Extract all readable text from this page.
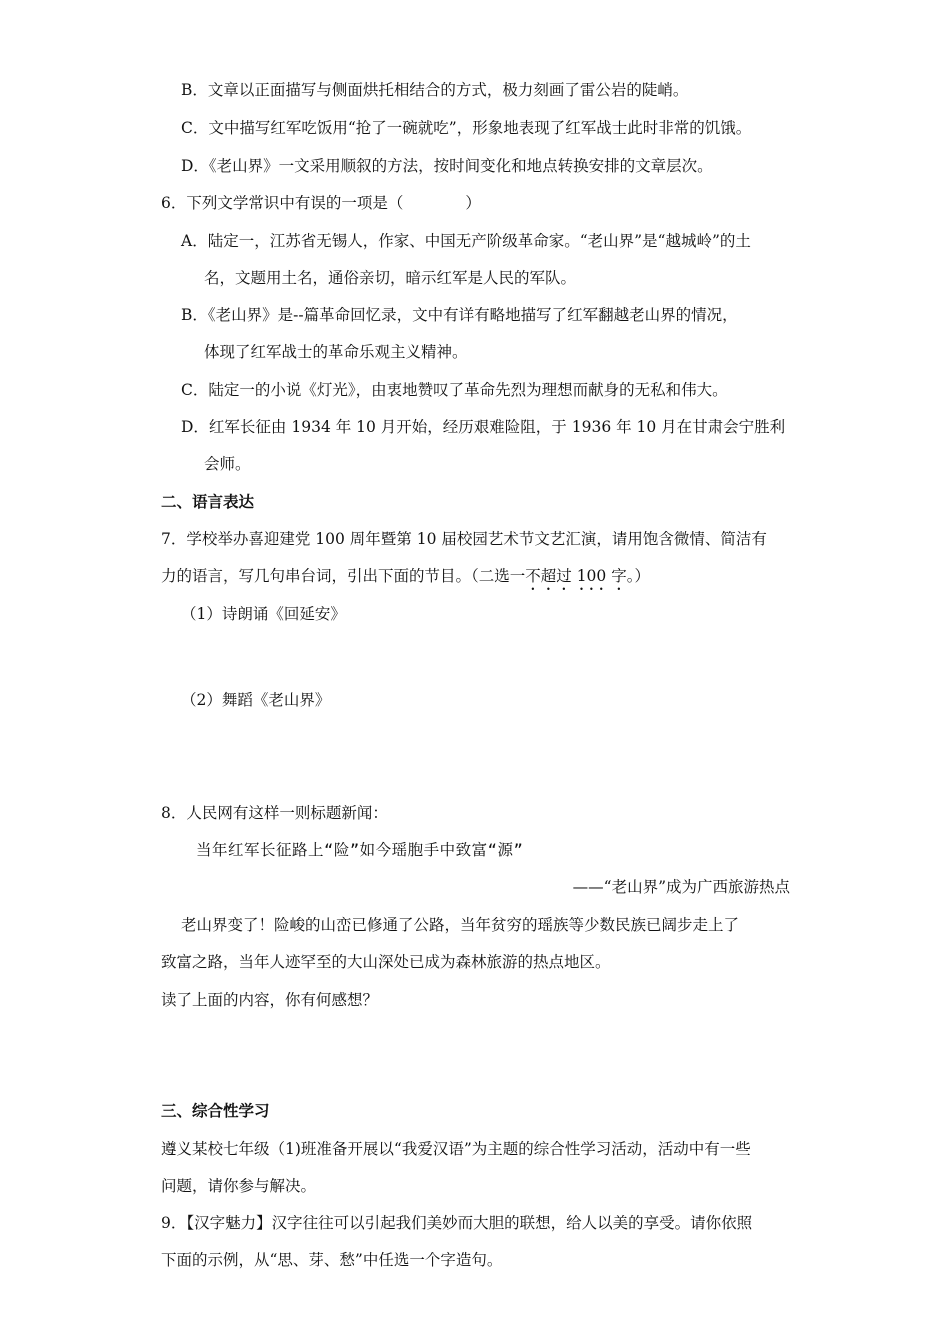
B．文章以正面描写与侧面烘托相结合的方式，极力刻画了雷公岩的陡峭。
C．文中描写红军吃饭用“抢了一碗就吃”，形象地表现了红军战士此时非常的饥饿。
D．《老山界》一文采用顺叙的方法，按时间变化和地点转换安排的文章层次。
6．下列文学常识中有误的一项是（	）
A．陆定一，江苏省无锡人，作家、中国无产阶级革命家。“老山界”是“越城岭”的土
名，文题用土名，通俗亲切，暗示红军是人民的军队。
B．《老山界》是--篇革命回忆录，文中有详有略地描写了红军翻越老山界的情况，
体现了红军战士的革命乐观主义精神。
C．陆定一的小说《灯光》，由衷地赞叹了革命先烈为理想而献身的无私和伟大。
D．红军长征由 1934 年 10 月开始，经历艰难险阻，于 1936 年 10 月在甘肃会宁胜利
会师。
二、语言表达
7．学校举办喜迎建党 100 周年暨第 10 届校园艺术节文艺汇演，请用饱含微情、简洁有
力的语言，写几句串台词，引出下面的节目。（二选一不超过 100 字。）
（1）诗朗诵《回延安》
（2）舞蹈《老山界》
8．人民网有这样一则标题新闻：
当年红军长征路上“险”如今瑶胞手中致富“源”
——“老山界”成为广西旅游热点
老山界变了！险峻的山峦已修通了公路，当年贫穷的瑶族等少数民族已阔步走上了
致富之路，当年人迹罕至的大山深处已成为森林旅游的热点地区。
读了上面的内容，你有何感想？
三、综合性学习
遵义某校七年级（1)班准备开展以“我爱汉语”为主题的综合性学习活动，活动中有一些
问题，请你参与解决。
9．【汉字魅力】汉字往往可以引起我们美妙而大胆的联想，给人以美的享受。请你依照
下面的示例，从“思、芽、愁”中任选一个字造句。
